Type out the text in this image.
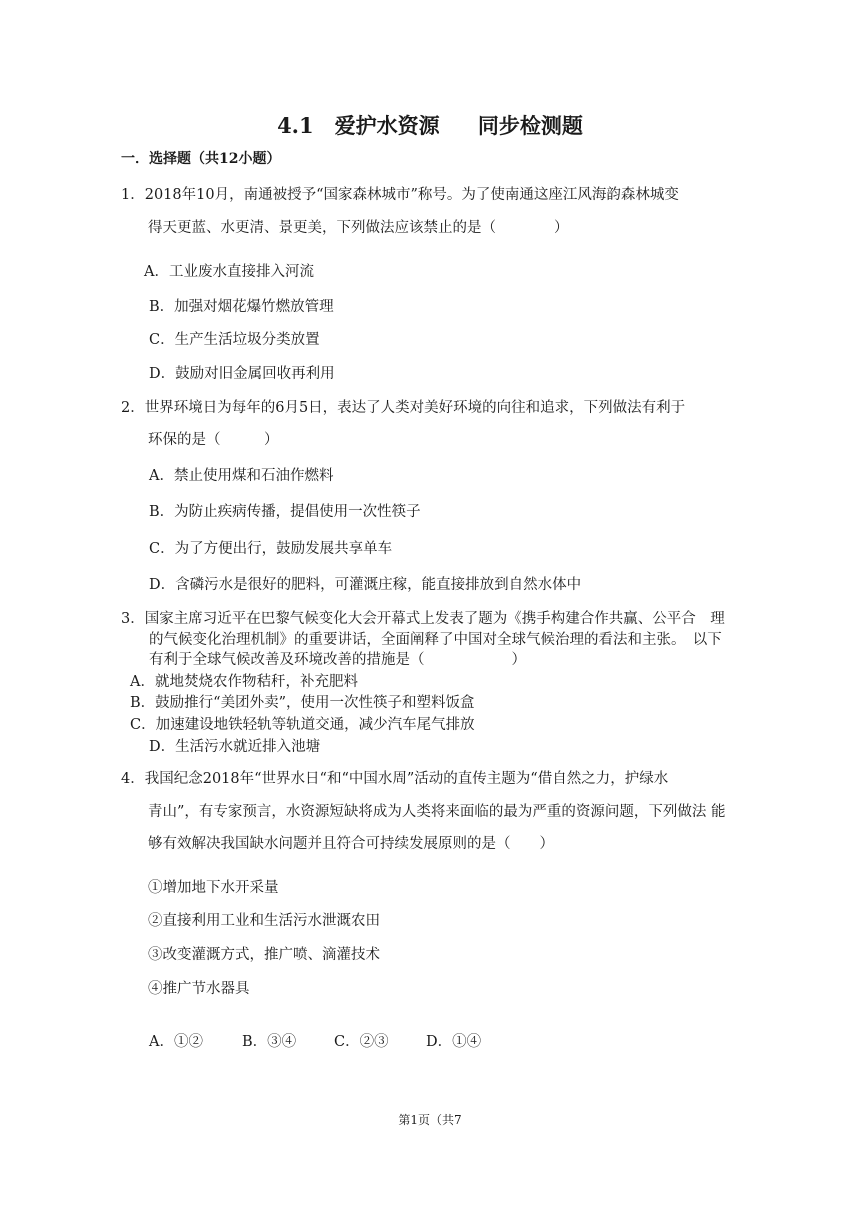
4.1　爱护水资源　 同步检测题
一．选择题（共12小题）
1．2018年10月，南通被授予“国家森林城市”称号。为了使南通这座江风海韵森林城变
得天更蓝、水更清、景更美，下列做法应该禁止的是（　　　　）
A．工业废水直接排入河流
B．加强对烟花爆竹燃放管理
C．生产生活垃圾分类放置
D．鼓励对旧金属回收再利用
2．世界环境日为每年的6月5日，表达了人类对美好环境的向往和追求，下列做法有利于
环保的是（　　　）
A．禁止使用煤和石油作燃料
B．为防止疾病传播，提倡使用一次性筷子
C．为了方便出行，鼓励发展共享单车
D．含磷污水是很好的肥料，可灌溉庄稼，能直接排放到自然水体中
3．国家主席习近平在巴黎气候变化大会开幕式上发表了题为《携手构建合作共赢、公平合　理
的气候变化治理机制》的重要讲话，全面阐释了中国对全球气候治理的看法和主张。　以下
有利于全球气候改善及环境改善的措施是（　　　　　　）
A．就地焚烧农作物秸秆，补充肥料
B．鼓励推行“美团外卖”，使用一次性筷子和塑料饭盒
C．加速建设地铁轻轨等轨道交通，减少汽车尾气排放
D．生活污水就近排入池塘
4．我国纪念2018年“世界水日“和“中国水周”活动的直传主题为“借自然之力，护绿水
青山”，有专家预言，水资源短缺将成为人类将来面临的最为严重的资源问题，下列做法 能
够有效解决我国缺水问题并且符合可持续发展原则的是（　　）
①增加地下水开采量
②直接利用工业和生活污水泄溉农田
③改变灌溉方式，推广喷、滴灌技术
④推广节水器具
A．①②	B．③④	C．②③	D．①④
第1页（共7
